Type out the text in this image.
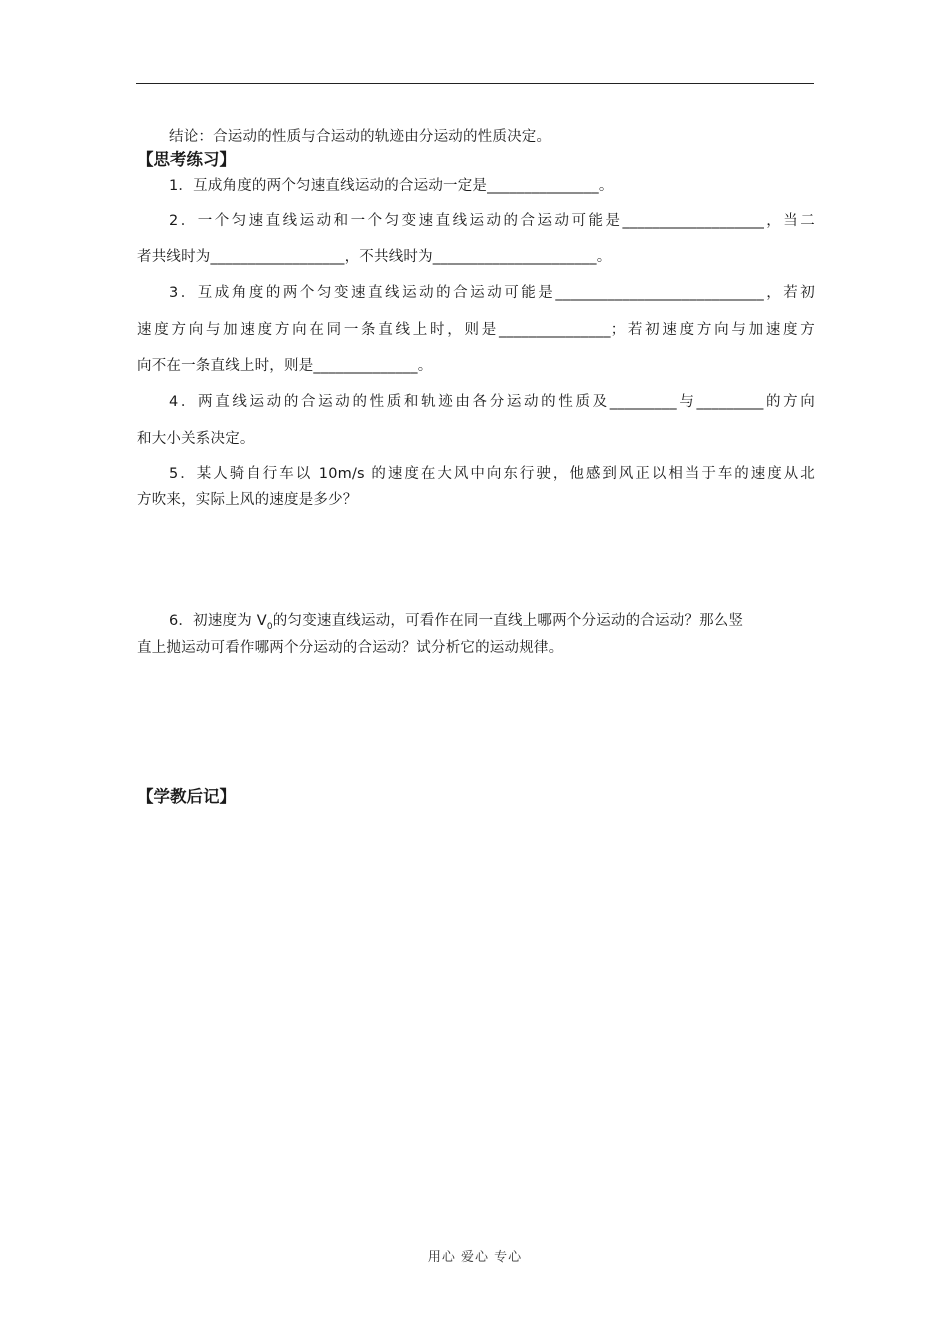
结论：合运动的性质与合运动的轨迹由分运动的性质决定。
【思考练习】
1．互成角度的两个匀速直线运动的合运动一定是_______________。
2．一个匀速直线运动和一个匀变速直线运动的合运动可能是___________________，当二
者共线时为__________________，不共线时为______________________。
3．互成角度的两个匀变速直线运动的合运动可能是____________________________，若初
速度方向与加速度方向在同一条直线上时，则是_______________；若初速度方向与加速度方
向不在一条直线上时，则是______________。
4．两直线运动的合运动的性质和轨迹由各分运动的性质及_________与_________的方向
和大小关系决定。
5．某人骑自行车以 10m/s 的速度在大风中向东行驶，他感到风正以相当于车的速度从北
方吹来，实际上风的速度是多少？
6．初速度为 $V_0$的匀变速直线运动，可看作在同一直线上哪两个分运动的合运动？那么竖
直上抛运动可看作哪两个分运动的合运动？试分析它的运动规律。
【学教后记】
用心 爱心 专心
